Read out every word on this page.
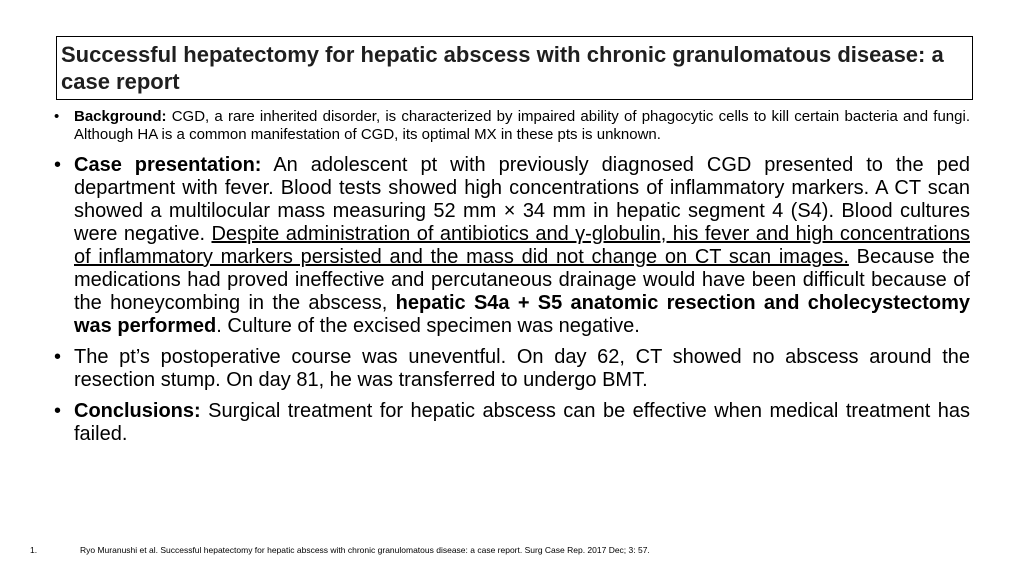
Successful hepatectomy for hepatic abscess with chronic granulomatous disease: a case report
• Background: CGD, a rare inherited disorder, is characterized by impaired ability of phagocytic cells to kill certain bacteria and fungi. Although HA is a common manifestation of CGD, its optimal MX in these pts is unknown.
• Case presentation: An adolescent pt with previously diagnosed CGD presented to the ped department with fever. Blood tests showed high concentrations of inflammatory markers. A CT scan showed a multilocular mass measuring 52 mm × 34 mm in hepatic segment 4 (S4). Blood cultures were negative. Despite administration of antibiotics and γ-globulin, his fever and high concentrations of inflammatory markers persisted and the mass did not change on CT scan images. Because the medications had proved ineffective and percutaneous drainage would have been difficult because of the honeycombing in the abscess, hepatic S4a + S5 anatomic resection and cholecystectomy was performed. Culture of the excised specimen was negative.
• The pt’s postoperative course was uneventful. On day 62, CT showed no abscess around the resection stump. On day 81, he was transferred to undergo BMT.
• Conclusions: Surgical treatment for hepatic abscess can be effective when medical treatment has failed.
1.	Ryo Muranushi et al. Successful hepatectomy for hepatic abscess with chronic granulomatous disease: a case report. Surg Case Rep. 2017 Dec; 3: 57.
